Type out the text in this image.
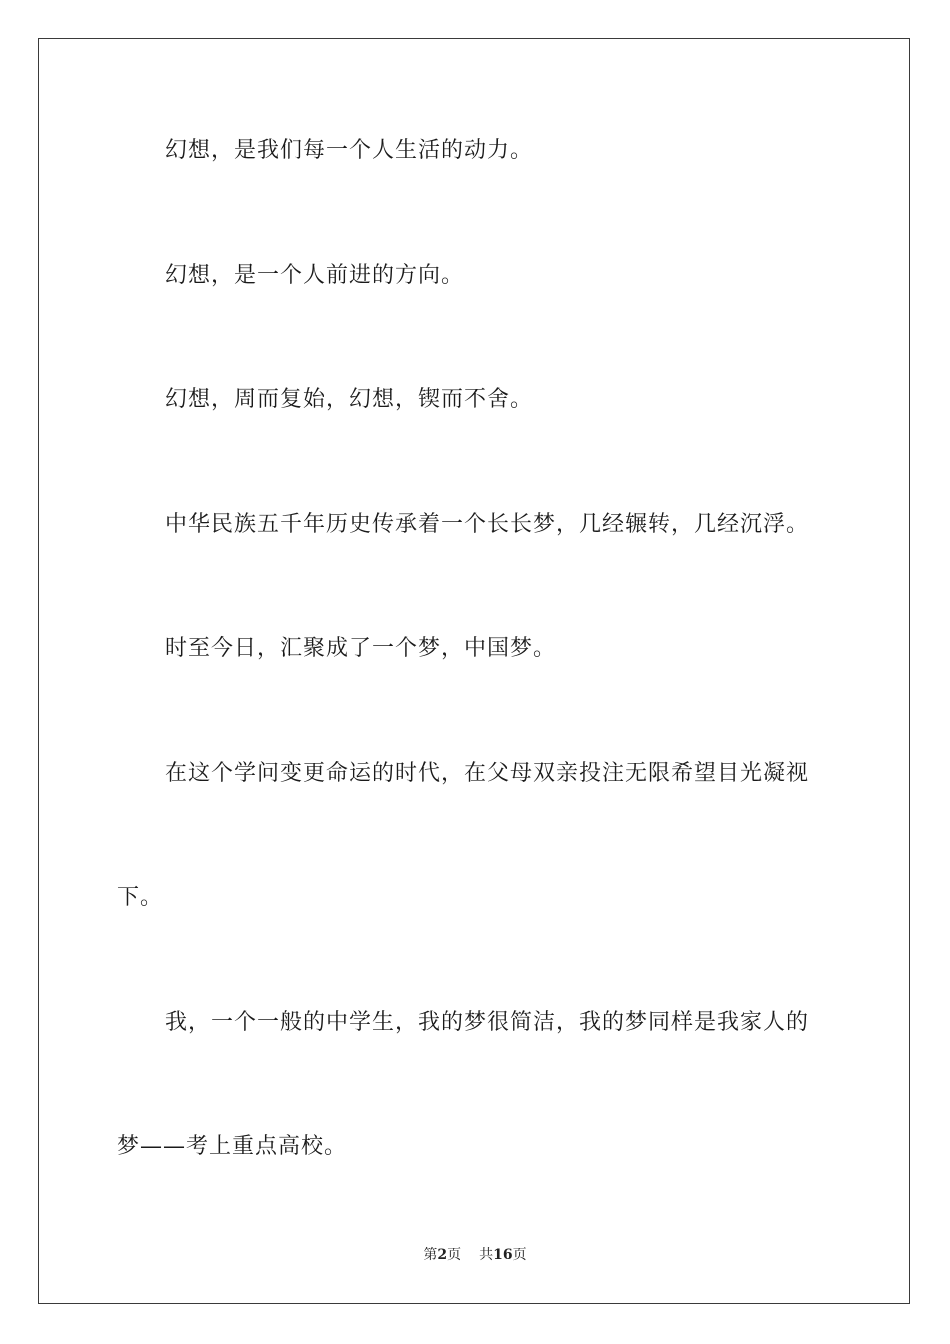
幻想，是我们每一个人生活的动力。
幻想，是一个人前进的方向。
幻想，周而复始，幻想，锲而不舍。
中华民族五千年历史传承着一个长长梦，几经辗转，几经沉浮。
时至今日，汇聚成了一个梦，中国梦。
在这个学问变更命运的时代，在父母双亲投注无限希望目光凝视
下。
我，一个一般的中学生，我的梦很简洁，我的梦同样是我家人的
梦——考上重点高校。
第2页 共16页
